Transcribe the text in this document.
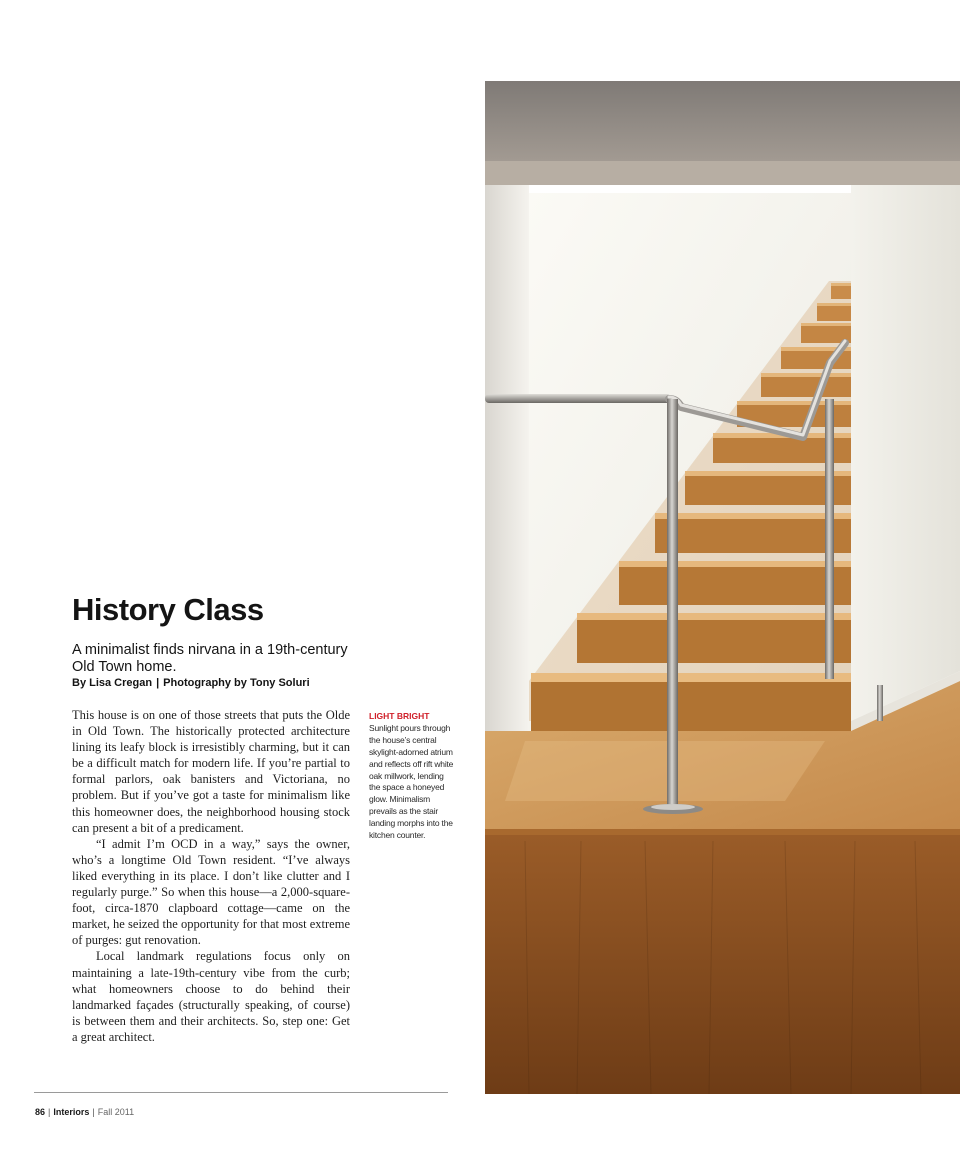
History Class

A minimalist finds nirvana in a 19th-century Old Town home.

By Lisa Cregan | Photography by Tony Soluri

This house is on one of those streets that puts the Olde in Old Town. The historically protected architecture lining its leafy block is irresistibly charming, but it can be a difficult match for modern life. If you’re partial to formal parlors, oak banisters and Victoriana, no problem. But if you’ve got a taste for minimalism like this homeowner does, the neighborhood housing stock can present a bit of a predicament.

“I admit I’m OCD in a way,” says the owner, who’s a longtime Old Town resident. “I’ve always liked everything in its place. I don’t like clutter and I regularly purge.” So when this house—a 2,000-square-foot, circa-1870 clapboard cottage—came on the market, he seized the opportunity for that most extreme of purges: gut renovation.

Local landmark regulations focus only on maintaining a late-19th-century vibe from the curb; what homeowners choose to do behind their landmarked façades (structurally speaking, of course) is between them and their architects. So, step one: Get a great architect.

LIGHT BRIGHT
Sunlight pours through the house’s central skylight-adorned atrium and reflects off rift white oak millwork, lending the space a honeyed glow. Minimalism prevails as the stair landing morphs into the kitchen counter.
86 | Interiors | Fall 2011
